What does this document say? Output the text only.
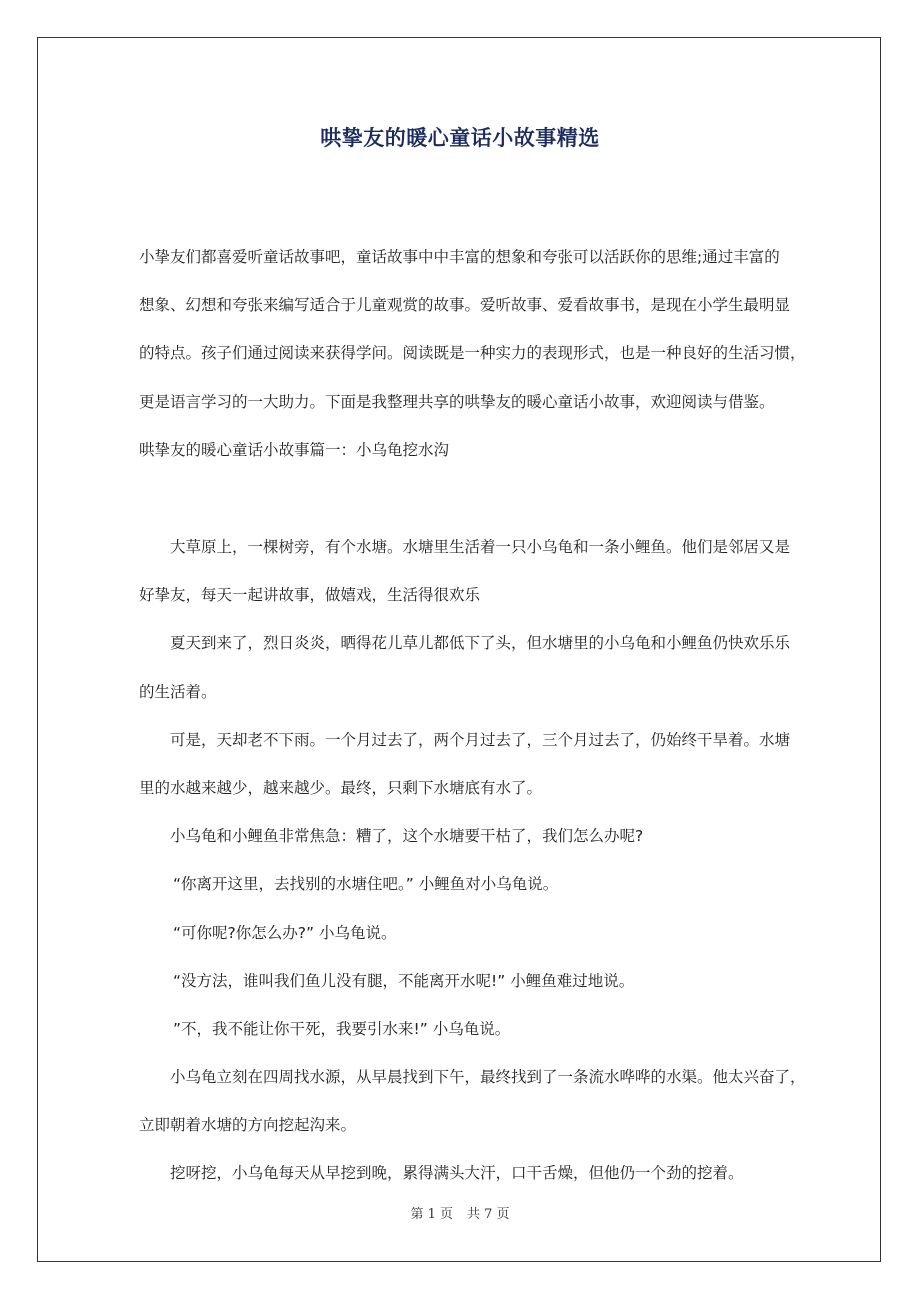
哄挚友的暖心童话小故事精选
小挚友们都喜爱听童话故事吧，童话故事中中丰富的想象和夸张可以活跃你的思维;通过丰富的
想象、幻想和夸张来编写适合于儿童观赏的故事。爱听故事、爱看故事书，是现在小学生最明显
的特点。孩子们通过阅读来获得学问。阅读既是一种实力的表现形式，也是一种良好的生活习惯，
更是语言学习的一大助力。下面是我整理共享的哄挚友的暖心童话小故事，欢迎阅读与借鉴。
哄挚友的暖心童话小故事篇一：小乌龟挖水沟
大草原上，一棵树旁，有个水塘。水塘里生活着一只小乌龟和一条小鲤鱼。他们是邻居又是
好挚友，每天一起讲故事，做嬉戏，生活得很欢乐
夏天到来了，烈日炎炎，晒得花儿草儿都低下了头，但水塘里的小乌龟和小鲤鱼仍快欢乐乐
的生活着。
可是，天却老不下雨。一个月过去了，两个月过去了，三个月过去了，仍始终干旱着。水塘
里的水越来越少，越来越少。最终，只剩下水塘底有水了。
小乌龟和小鲤鱼非常焦急：糟了，这个水塘要干枯了，我们怎么办呢?
“你离开这里，去找别的水塘住吧。” 小鲤鱼对小乌龟说。
“可你呢?你怎么办?” 小乌龟说。
“没方法，谁叫我们鱼儿没有腿，不能离开水呢!” 小鲤鱼难过地说。
”不，我不能让你干死，我要引水来!” 小乌龟说。
小乌龟立刻在四周找水源，从早晨找到下午，最终找到了一条流水哗哗的水渠。他太兴奋了，
立即朝着水塘的方向挖起沟来。
挖呀挖，小乌龟每天从早挖到晚，累得满头大汗，口干舌燥，但他仍一个劲的挖着。
第 1 页 共 7 页
